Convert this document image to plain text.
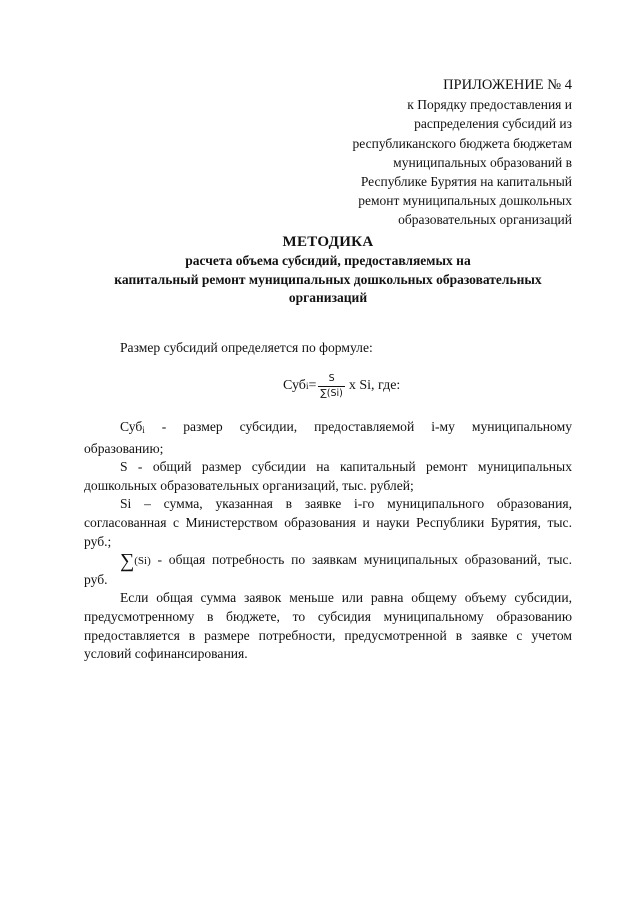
ПРИЛОЖЕНИЕ № 4
к Порядку предоставления и
распределения субсидий из
республиканского бюджета бюджетам
муниципальных образований в
Республике Бурятия на капитальный
ремонт муниципальных дошкольных
образовательных организаций
МЕТОДИКА
расчета объема субсидий, предоставляемых на
капитальный ремонт муниципальных дошкольных образовательных
организаций

Размер субсидий определяется по формуле:

Суб $i = \frac{S}{\sum(Si)}$ x Si, где:

Суб$_i$ - размер субсидии, предоставляемой i-му муниципальному образованию;

S - общий размер субсидии на капитальный ремонт муниципальных дошкольных образовательных организаций, тыс. рублей;

Si – сумма, указанная в заявке i-го муниципального образования, согласованная с Министерством образования и науки Республики Бурятия, тыс. руб.;

∑(Si) - общая потребность по заявкам муниципальных образований, тыс. руб.

Если общая сумма заявок меньше или равна общему объему субсидии, предусмотренному в бюджете, то субсидия муниципальному образованию предоставляется в размере потребности, предусмотренной в заявке с учетом условий софинансирования.
